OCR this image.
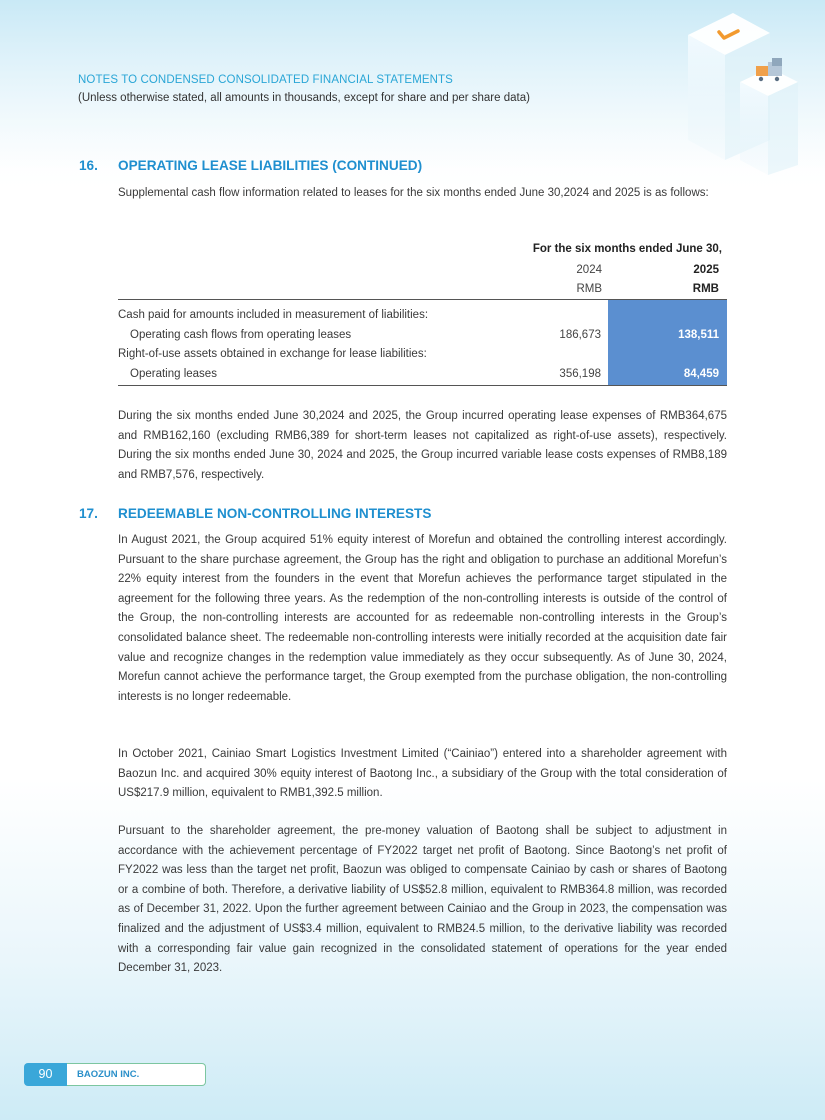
NOTES TO CONDENSED CONSOLIDATED FINANCIAL STATEMENTS
(Unless otherwise stated, all amounts in thousands, except for share and per share data)
16.	OPERATING LEASE LIABILITIES (CONTINUED)
Supplemental cash flow information related to leases for the six months ended June 30,2024 and 2025 is as follows:
For the six months ended June 30,
2024	2025
RMB	RMB
Cash paid for amounts included in measurement of liabilities:
Operating cash flows from operating leases	186,673	138,511
Right-of-use assets obtained in exchange for lease liabilities:
Operating leases	356,198	84,459
During the six months ended June 30,2024 and 2025, the Group incurred operating lease expenses of RMB364,675 and RMB162,160 (excluding RMB6,389 for short-term leases not capitalized as right-of-use assets), respectively. During the six months ended June 30, 2024 and 2025, the Group incurred variable lease costs expenses of RMB8,189 and RMB7,576, respectively.
17.	REDEEMABLE NON-CONTROLLING INTERESTS
In August 2021, the Group acquired 51% equity interest of Morefun and obtained the controlling interest accordingly. Pursuant to the share purchase agreement, the Group has the right and obligation to purchase an additional Morefun’s 22% equity interest from the founders in the event that Morefun achieves the performance target stipulated in the agreement for the following three years. As the redemption of the non-controlling interests is outside of the control of the Group, the non-controlling interests are accounted for as redeemable non-controlling interests in the Group’s consolidated balance sheet. The redeemable non-controlling interests were initially recorded at the acquisition date fair value and recognize changes in the redemption value immediately as they occur subsequently. As of June 30, 2024, Morefun cannot achieve the performance target, the Group exempted from the purchase obligation, the non-controlling interests is no longer redeemable.
In October 2021, Cainiao Smart Logistics Investment Limited (“Cainiao”) entered into a shareholder agreement with Baozun Inc. and acquired 30% equity interest of Baotong Inc., a subsidiary of the Group with the total consideration of US$217.9 million, equivalent to RMB1,392.5 million.
Pursuant to the shareholder agreement, the pre-money valuation of Baotong shall be subject to adjustment in accordance with the achievement percentage of FY2022 target net profit of Baotong. Since Baotong’s net profit of FY2022 was less than the target net profit, Baozun was obliged to compensate Cainiao by cash or shares of Baotong or a combine of both. Therefore, a derivative liability of US$52.8 million, equivalent to RMB364.8 million, was recorded as of December 31, 2022. Upon the further agreement between Cainiao and the Group in 2023, the compensation was finalized and the adjustment of US$3.4 million, equivalent to RMB24.5 million, to the derivative liability was recorded with a corresponding fair value gain recognized in the consolidated statement of operations for the year ended December 31, 2023.
90	BAOZUN INC.
